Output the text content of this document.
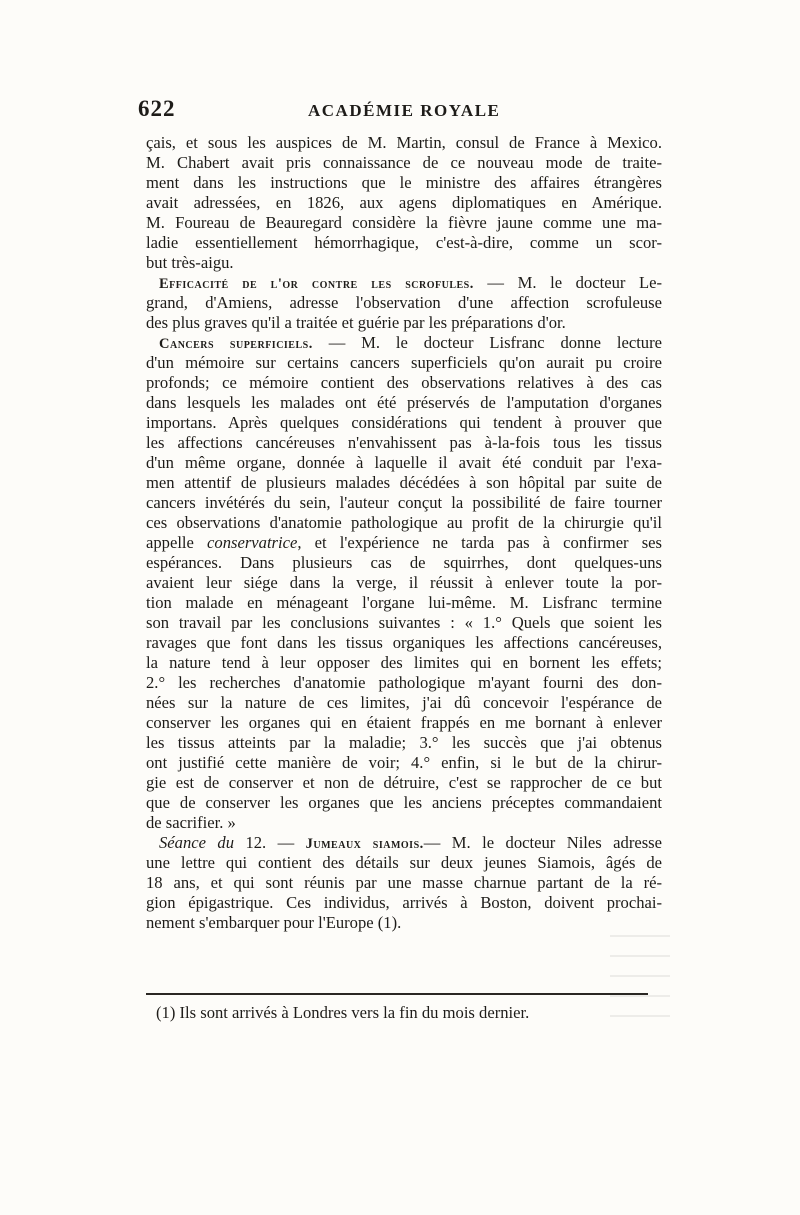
622	ACADÉMIE ROYALE
çais, et sous les auspices de M. Martin, consul de France à Mexico.
M. Chabert avait pris connaissance de ce nouveau mode de traite-
ment dans les instructions que le ministre des affaires étrangères
avait adressées, en 1826, aux agens diplomatiques en Amérique.
M. Foureau de Beauregard considère la fièvre jaune comme une ma-
ladie essentiellement hémorrhagique, c'est-à-dire, comme un scor-
but très-aigu.
Efficacité de l'or contre les scrofules. — M. le docteur Le-
grand, d'Amiens, adresse l'observation d'une affection scrofuleuse
des plus graves qu'il a traitée et guérie par les préparations d'or.
Cancers superficiels. — M. le docteur Lisfranc donne lecture
d'un mémoire sur certains cancers superficiels qu'on aurait pu croire
profonds; ce mémoire contient des observations relatives à des cas
dans lesquels les malades ont été préservés de l'amputation d'organes
importans. Après quelques considérations qui tendent à prouver que
les affections cancéreuses n'envahissent pas à-la-fois tous les tissus
d'un même organe, donnée à laquelle il avait été conduit par l'exa-
men attentif de plusieurs malades décédées à son hôpital par suite de
cancers invétérés du sein, l'auteur conçut la possibilité de faire tourner
ces observations d'anatomie pathologique au profit de la chirurgie qu'il
appelle conservatrice, et l'expérience ne tarda pas à confirmer ses
espérances. Dans plusieurs cas de squirrhes, dont quelques-uns
avaient leur siége dans la verge, il réussit à enlever toute la por-
tion malade en ménageant l'organe lui-même. M. Lisfranc termine
son travail par les conclusions suivantes : « 1.° Quels que soient les
ravages que font dans les tissus organiques les affections cancéreuses,
la nature tend à leur opposer des limites qui en bornent les effets;
2.° les recherches d'anatomie pathologique m'ayant fourni des don-
nées sur la nature de ces limites, j'ai dû concevoir l'espérance de
conserver les organes qui en étaient frappés en me bornant à enlever
les tissus atteints par la maladie; 3.° les succès que j'ai obtenus
ont justifié cette manière de voir; 4.° enfin, si le but de la chirur-
gie est de conserver et non de détruire, c'est se rapprocher de ce but
que de conserver les organes que les anciens préceptes commandaient
de sacrifier. »
Séance du 12. — Jumeaux siamois.— M. le docteur Niles adresse
une lettre qui contient des détails sur deux jeunes Siamois, âgés de
18 ans, et qui sont réunis par une masse charnue partant de la ré-
gion épigastrique. Ces individus, arrivés à Boston, doivent prochai-
nement s'embarquer pour l'Europe (1).
(1) Ils sont arrivés à Londres vers la fin du mois dernier.
